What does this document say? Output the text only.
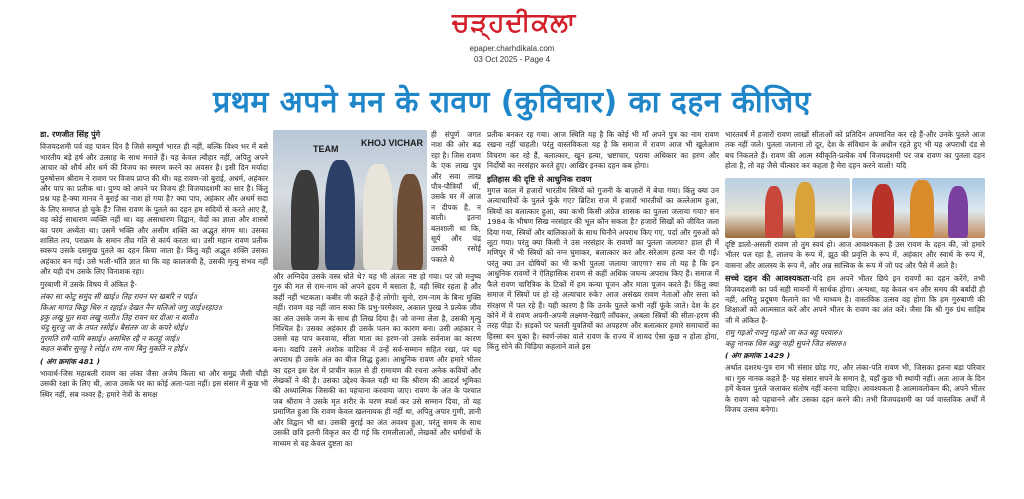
ਚੜ੍ਹਦੀਕਲਾ
epaper.charhdikala.com
03 Oct 2025 - Page 4
प्रथम अपने मन के रावण (कुविचार) का दहन कीजिए

डा. रणजीत सिंह पुंगे

विजयदशमी पर्व वह पावन दिन है जिसे सम्पूर्ण भारत ही नहीं, बल्कि विश्व भर में बसे भारतीय बड़े हर्ष और उत्साह के साथ मनाते हैं। यह केवल त्यौहार नहीं, अपितु अपने आचार को शौर्य और धर्म की विजय का स्मरण करने का अवसर है। इसी दिन मर्यादा पुरुषोत्तम श्रीराम ने रावण पर विजय प्राप्त की थी। यह रावण-जो बुराई, अधर्म, अहंकार और पाप का प्रतीक था। पुण्य को अपने पर विजय ही विजयादशमी का सार है। किंतु प्रश्न यह है-क्या मानव ने बुराई का नाश हो गया है? क्या पाप, अहंकार और अधर्म सदा के लिए समाप्त हो चुके हैं? जिस रावण के पुतले का दहन हम सदियों से करते आए हैं, वह कोई साधारण व्यक्ति नहीं था। वह असाधारण विद्वान, वेदों का ज्ञाता और शास्त्रों का परम अध्येता था। उसमें भक्ति और असीम शक्ति का अद्भुत संगम था। उसका शासित तप, पराक्रम के समान तीव्र गति से कार्य करता था। उसी महान रावण प्रतीक स्वरूप उसके दसमुख पुतले का दहन किया जाता है। किंतु वही अद्भुत शक्ति उसका अहंकार बन गई। उसे भली-भाँति ज्ञात था कि वह कालजयी है, उसकी मृत्यु संभव नहीं और यही दंभ उसके लिए विनाशक रहा।

गुरबाणी में उसके विषय में अंकित है-

लंका सा कोटु समुंद सी खाई॥ तिह रावन घर खबरि न पाई॥
किआ मागउ किछु थिरु न रहाई॥ देखत नैन चलिओ जगु जाई॥रहाउ॥
इकु लखु पूत सवा लखु नाती॥ तिह रावन घर दीआ न बाती॥
चंदु सूरजु जा के तपत रसोई॥ बैसंतरु जा के कपरे धोई॥
गुरमति रामै नामि बसाई॥ असथिरु रहै न कतहूं जाई॥
कहत कबीर सुनहु रे लोई॥ राम नाम बिनु मुकति न होई॥

( अंग क्रमांक 481 )

भावार्थ-जिस महाबली रावण का लंका जैसा अजेय किला था और समुद्र जैसी चौड़ी उसकी रक्षा के लिए थी, आज उसके घर का कोई अता-पता नहीं। इस संसार में कुछ भी स्थिर नहीं, सब नश्वर है; हमारे नेत्रों के समक्ष

TEAM
KHOJ VICHAR

ही संपूर्ण जगत नाश की ओर बढ़ रहा है। जिस रावण के एक लाख पुत्र और सवा लाख पौत्र-पौत्रियाँ थीं, उसके घर में आज न दीपक है, न बाती। इतना बलशाली था कि, सूर्य और चंद्र उसकी रसोई पकाते थे

और अग्निदेव उसके वस्त्र धोते थे? यह भी अंततः नष्ट हो गया। पर जो मनुष्य गुरु की मत से राम-नाम को अपने हृदय में बसाता है, वही स्थिर रहता है और कहीं नहीं भटकता। कबीर जी कहते हैं-हे लोगों! सुनो, राम-नाम के बिना मुक्ति नहीं। रावण वह नहीं जान सका कि प्रभु-परमेश्वर, अकाल पुरख ने प्रत्येक जीव का अंत उसके जन्म के साथ ही लिख दिया है। जो जन्मा लेता है, उसकी मृत्यु निश्चित है। उसका अहंकार ही उसके पतन का कारण बना। उसी अहंकार ने उससे वह पाप करवाया, सीता माता का हरण-जो उसके सर्वनाश का कारण बना। यद्यपि उसने अशोक वाटिका में उन्हें सर्व-सम्मान सहित रखा, पर यह अपराध ही उसके अंत का बीज सिद्ध हुआ। आधुनिक रावण और हमारे भीतर का दहन इस देश में प्राचीन काल से ही रामायण की रचना अनेक कवियों और लेखकों ने की है। उसका उद्देश्य केवल यही था कि श्रीराम की आदर्श भूमिका की अध्यात्मिक जिसकी का पहचाना करवाया जाए। रावण के अंत के पश्चात जब श्रीराम ने उसके मृत शरीर के चरण स्पर्श कर उसे सम्मान दिया, तो यह प्रमाणित हुआ कि रावण केवल खलनायक ही नहीं था, अपितु अपार गुणी, ज्ञानी और विद्वान भी था। उसकी बुराई का अंत अवश्य हुआ, परंतु समय के साथ उसकी छवि इतनी विकृत कर दी गई कि रामलीलाओं, लेखकों और धर्मग्रंथों के माध्यम से वह केवल दुष्टता का

प्रतीक बनकर रह गया। आज स्थिति यह है कि कोई भी माँ अपने पुत्र का नाम रावण रखना नहीं चाहती। परंतु वास्तविकता यह है कि समाज में रावण आज भी खुलेआम विचरण कर रहे हैं, बलात्कार, खून हत्या, भ्रष्टाचार, पराया अधिकार का हरण और निर्दोषों का नरसंहार करते हुए। आखिर इनका दहन कब होगा।

इतिहास की दृष्टि से आधुनिक रावण

मुगल काल में हजारों भारतीय स्त्रियों को गुजनी के बाज़ारों में बेचा गया। किंतु क्या उन अत्याचारियों के पुतले फूंके गए? ब्रिटिश राज में हजारों भारतीयों का क़त्लेआम हुआ, स्त्रियों का बलात्कार हुआ, क्या कभी किसी अंग्रेज शासक का पुतला जलाया गया? सन 1984 के भीषण सिख नरसंहार की भूल कौन सकता है? हजारों सिखों को जीवित जला दिया गया, स्त्रियों और बालिकाओं के साथ घिनौने अपराध किए गए, पर्दा और गुरुओं को लूटा गया। परंतु क्या किसी ने उस नरसंहार के रावणों का पुतला जलाया? हाल ही में मणिपुर में भी स्त्रियों को नग्न घुमाकर, बलात्कार कर और सरेआम हत्या कर दी गईं। परंतु क्या उन दोषियों का भी कभी पुतला जलाया जाएगा? सच तो यह है कि इन आधुनिक रावणों ने ऐतिहासिक रावण से कहीं अधिक जघन्य अपराध किए हैं। समाज में फैले रावण चारित्रिक के टिकों में हम कन्या पूजन और माता पूजन करते हैं। किंतु क्या समाज में स्त्रियों पर हो रहे अत्याचार रुके? आज असंख्य रावण नेताओं और सत्ता को संरक्षण में पल रहे हैं। यही कारण है कि उनके पुतले कभी नहीं फूंके जाते। देश के हर कोने में ये रावण अपनी-अपनी लक्ष्मण-रेखाएँ लाँघकर, अबला स्त्रियों की सीता-हरण की तरह पीड़ा दें। स़ड़कों पर चलती युवतियों का अपहरण और बलात्कार हमारे समाचारों का हिस्सा बन चुका है। स्वर्ण-लंका वाले रावण के राज्य में शायद ऐसा कुछ न होता होगा, किंतु सोने की चिड़िया कहलाने वाले इस

भारतवर्ष में हजारों रावण लाखों सीताओं को प्रतिदिन अपमानित कर रहे हैं-और उनके पुतले आज तक नहीं जले। पुतला जलाना तो दूर, देश के संविधान के अधीन रहते हुए भी यह अपराधी दंड से बच निकलते हैं। रावण की आत्म स्वीकृति-प्रत्येक वर्ष विजयदशमी पर जब रावण का पुतला दहन होता है, तो वह जैसे चीत्कार कर कहता है मेरा दहन करने वालो! यदि

दृष्टि डालो-असली रावण तो तुम स्वयं हो। आज आवश्यकता है उस रावण के दहन की, जो हमारे भीतर पल रहा है, लालच के रूप में, झूठ की प्रवृत्ति के रूप में, अहंकार और स्वार्थ के रूप में, वासना और आलस्य के रूप में, और अन्न सात्त्विक के रूप में जो पद और पैसे में आते है।

सच्चे दहन की आवश्यकता-यदि हम अपने भीतर छिपे इन रावणों का दहन करेंगे, तभी विजयदशमी का पर्व सही मायनों में सार्थक होगा। अन्यथा, यह केवल धन और समय की बर्बादी ही नहीं, अपितु प्रदूषण फैलाने का भी माध्यम है। वास्तविक उत्सव वह होगा कि हम गुरुबाणी की शिक्षाओं को आत्मसात करें और अपने भीतर के रावण का अंत करें। जैसा कि श्री गुरु ग्रंथ साहिब जी में अंकित है-

रामु गइओ रावनु गइओ जा कउ बहु परवारु॥
कहु नानक थिरु कछु नाही सुपने जिउ संसारु॥

( अंग क्रमांक 1429 )

अर्थात दशरथ-पुत्र राम भी संसार छोड़ गए, और लंका-पति रावण भी, जिसका इतना बड़ा परिवार था। गुरु नानक कहते हैं- यह संसार सपने के समान है, यहाँ कुछ भी स्थायी नहीं। अतः आज के दिन हमें केवल पुतले जलाकर संतोष नहीं करना चाहिए। आवश्यकता है आत्मावलोकन की, अपने भीतर के रावण को पहचानने और उसका दहन करने की। तभी विजयदशमी का पर्व वास्तविक अर्थों में विजय उत्सव बनेगा।
